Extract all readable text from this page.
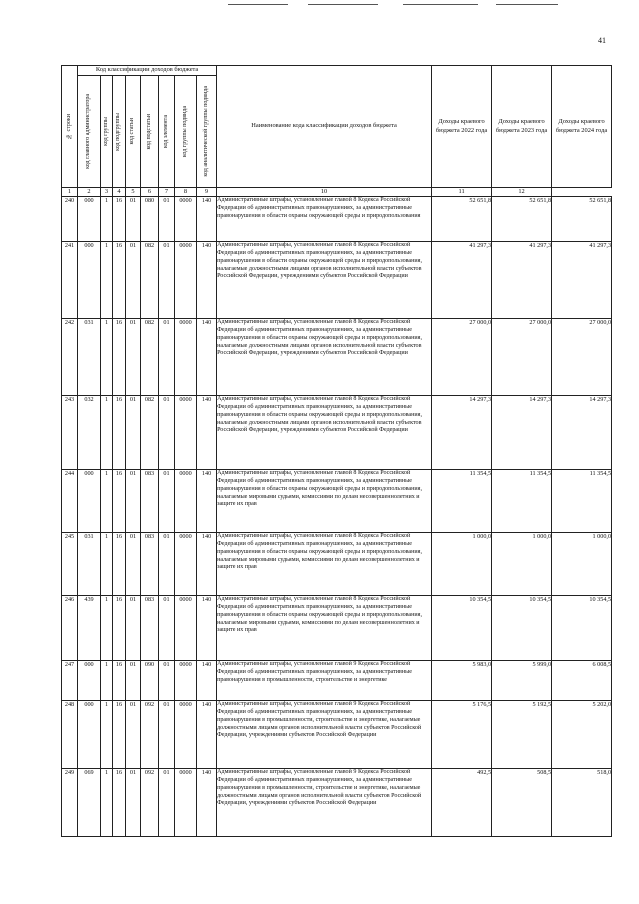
41
№ строки	Код классификации доходов бюджета								Наименование кода классификации доходов бюджета	Доходы краевого бюджета 2022 года	Доходы краевого бюджета 2023 года	Доходы краевого бюджета 2024 года

	код главного администратора	код группы	код подгруппы	код статьи	код подстатьи	код элемента	код группы подвида	код аналитической группы подвида				

1	2	3	4	5	6	7	8	9	10	11	12	
240	000	1	16	01	080	01	0000	140	Административные штрафы, установленные главой 8 Кодекса Российской Федерации об административных правонарушениях, за административные правонарушения в области охраны окружающей среды и природопользования	52 651,8	52 651,8	52 651,8
241	000	1	16	01	082	01	0000	140	Административные штрафы, установленные главой 8 Кодекса Российской Федерации об административных правонарушениях, за административные правонарушения в области охраны окружающей среды и природопользования, налагаемые должностными лицами органов исполнительной власти субъектов Российской Федерации, учреждениями субъектов Российской Федерации	41 297,3	41 297,3	41 297,3
242	031	1	16	01	082	01	0000	140	Административные штрафы, установленные главой 8 Кодекса Российской Федерации об административных правонарушениях, за административные правонарушения в области охраны окружающей среды и природопользования, налагаемые должностными лицами органов исполнительной власти субъектов Российской Федерации, учреждениями субъектов Российской Федерации	27 000,0	27 000,0	27 000,0
243	032	1	16	01	082	01	0000	140	Административные штрафы, установленные главой 8 Кодекса Российской Федерации об административных правонарушениях, за административные правонарушения в области охраны окружающей среды и природопользования, налагаемые должностными лицами органов исполнительной власти субъектов Российской Федерации, учреждениями субъектов Российской Федерации	14 297,3	14 297,3	14 297,3
244	000	1	16	01	083	01	0000	140	Административные штрафы, установленные главой 8 Кодекса Российской Федерации об административных правонарушениях, за административные правонарушения в области охраны окружающей среды и природопользования, налагаемые мировыми судьями, комиссиями по делам несовершеннолетних и защите их прав	11 354,5	11 354,5	11 354,5
245	031	1	16	01	083	01	0000	140	Административные штрафы, установленные главой 8 Кодекса Российской Федерации об административных правонарушениях, за административные правонарушения в области охраны окружающей среды и природопользования, налагаемые мировыми судьями, комиссиями по делам несовершеннолетних и защите их прав	1 000,0	1 000,0	1 000,0
246	439	1	16	01	083	01	0000	140	Административные штрафы, установленные главой 8 Кодекса Российской Федерации об административных правонарушениях, за административные правонарушения в области охраны окружающей среды и природопользования, налагаемые мировыми судьями, комиссиями по делам несовершеннолетних и защите их прав	10 354,5	10 354,5	10 354,5
247	000	1	16	01	090	01	0000	140	Административные штрафы, установленные главой 9 Кодекса Российской Федерации об административных правонарушениях, за административные правонарушения в промышленности, строительстве и энергетике	5 983,0	5 999,0	6 008,5
248	000	1	16	01	092	01	0000	140	Административные штрафы, установленные главой 9 Кодекса Российской Федерации об административных правонарушениях, за административные правонарушения в промышленности, строительстве и энергетике, налагаемые должностными лицами органов исполнительной власти субъектов Российской Федерации, учреждениями субъектов Российской Федерации	5 176,5	5 192,5	5 202,0
249	069	1	16	01	092	01	0000	140	Административные штрафы, установленные главой 9 Кодекса Российской Федерации об административных правонарушениях, за административные правонарушения в промышленности, строительстве и энергетике, налагаемые должностными лицами органов исполнительной власти субъектов Российской Федерации, учреждениями субъектов Российской Федерации	492,5	508,5	518,0
